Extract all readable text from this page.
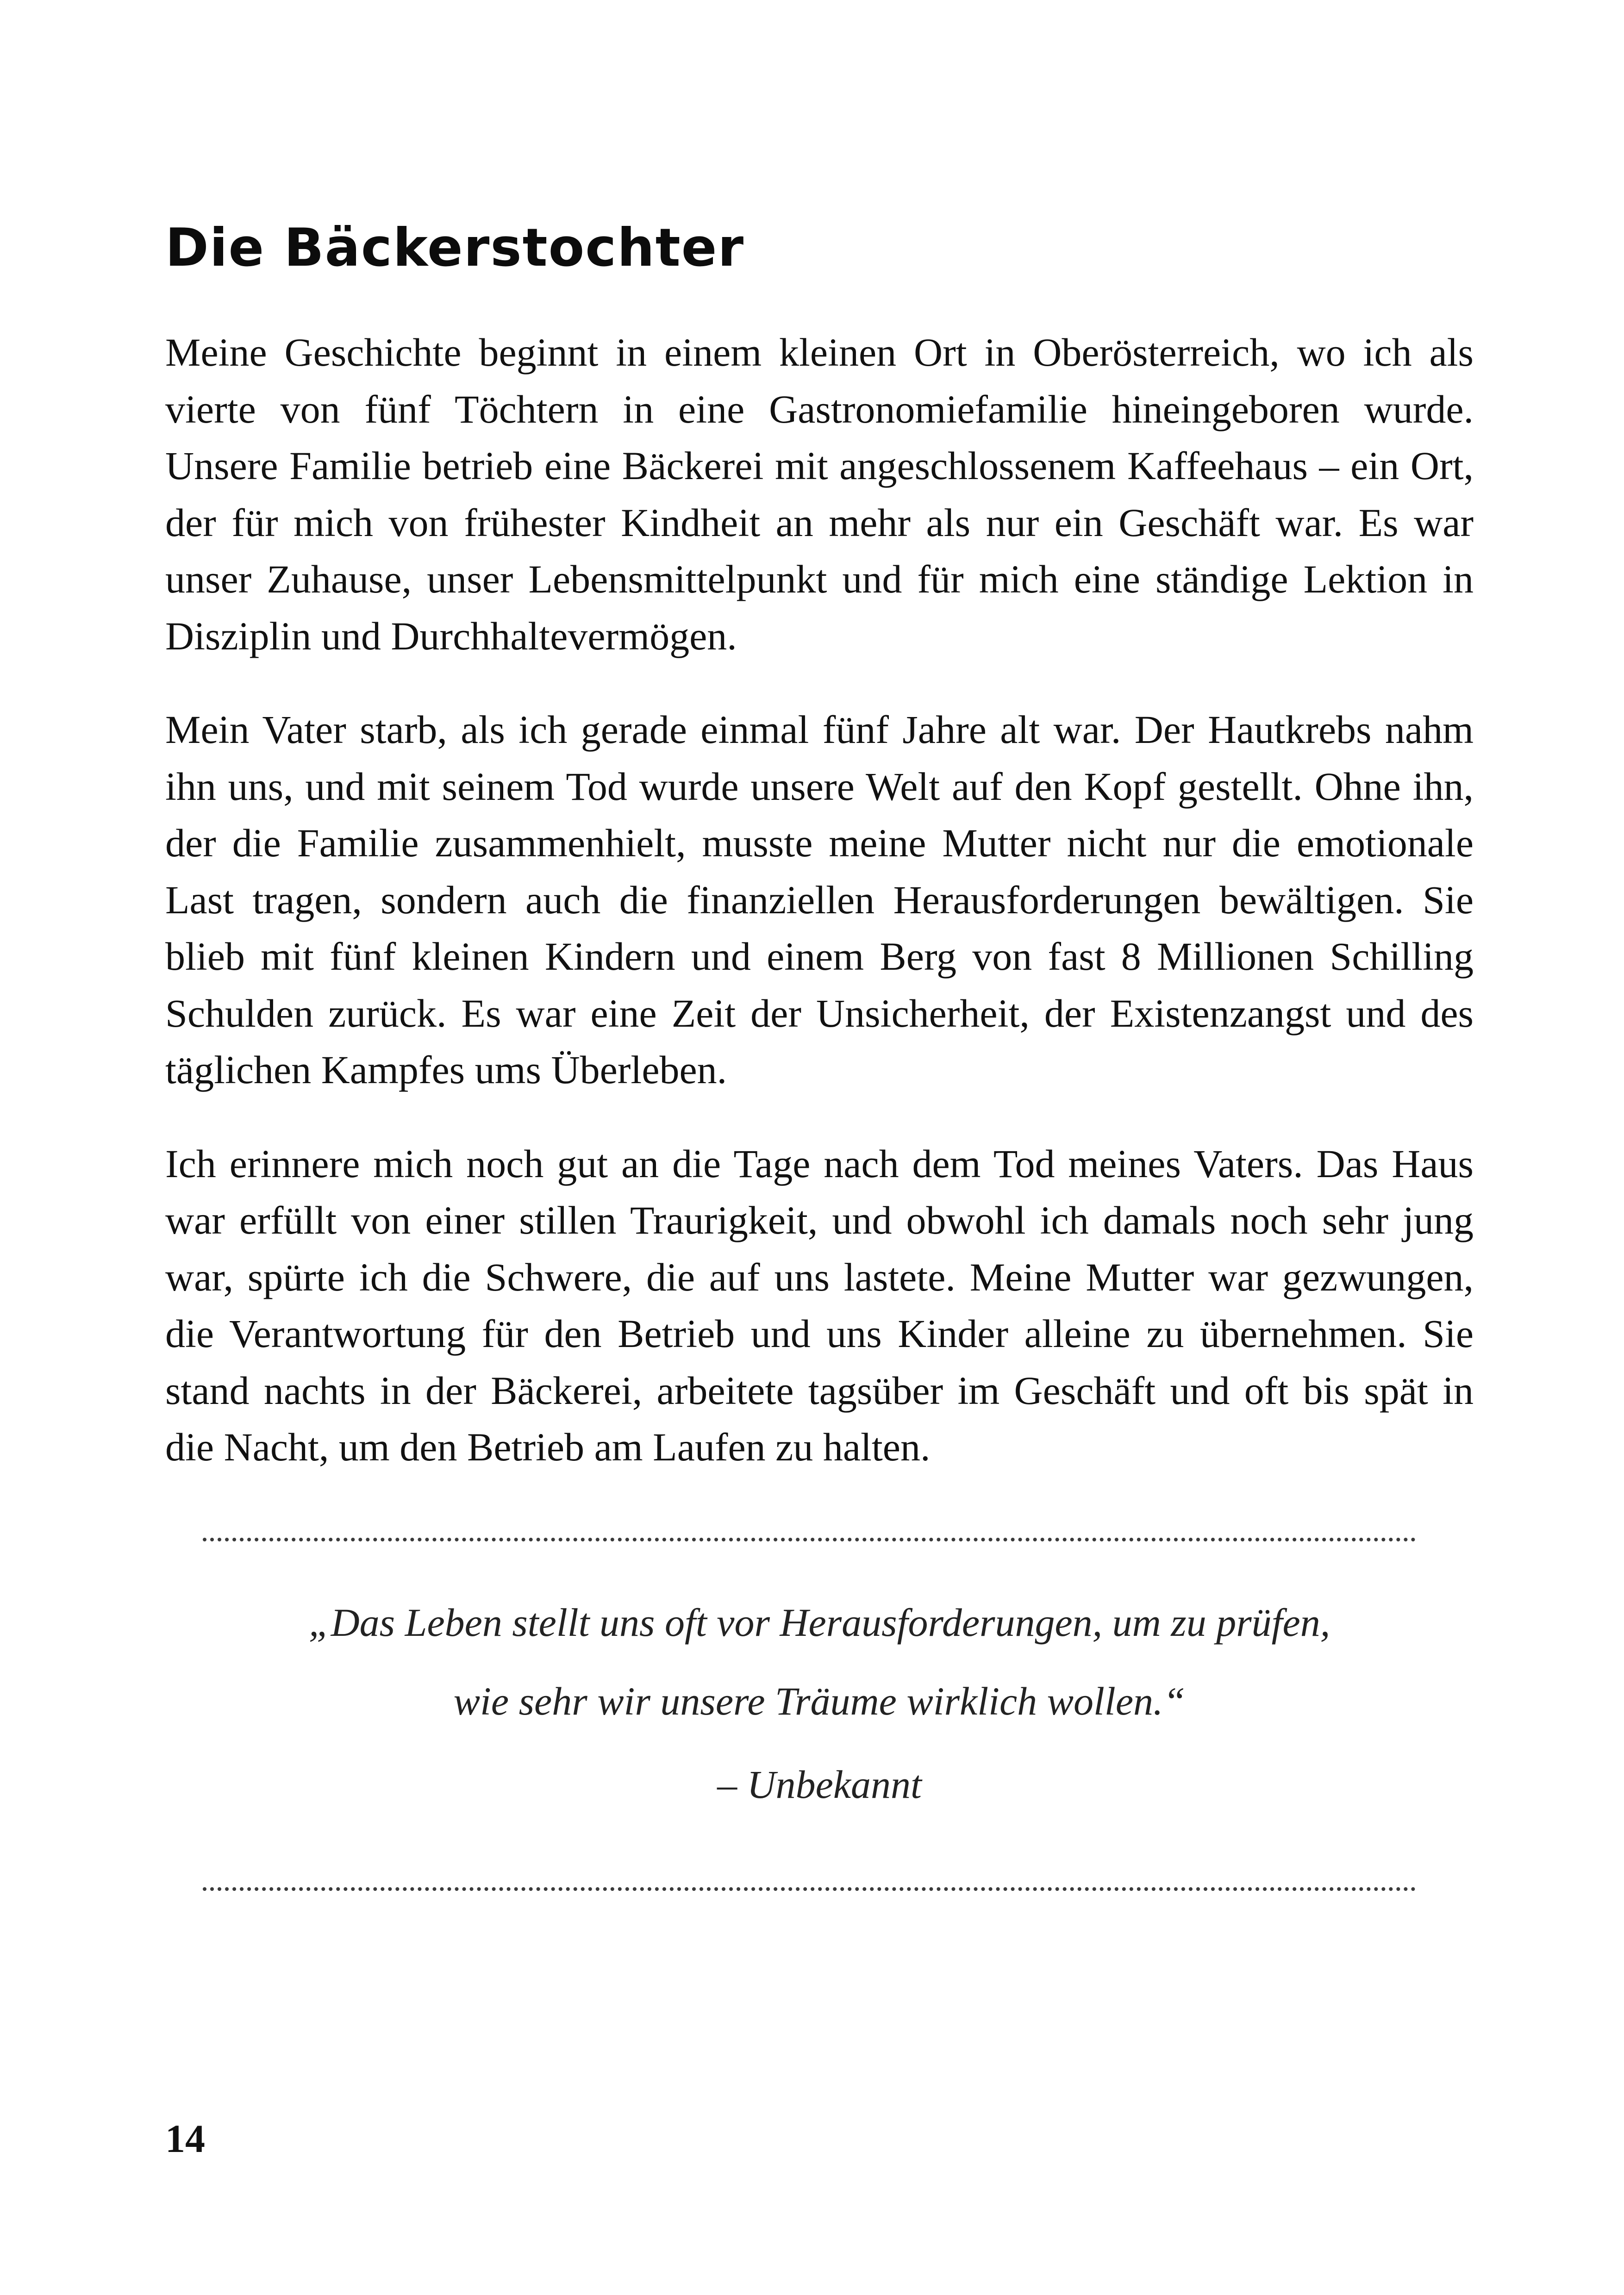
Die Bäckerstochter

Meine Geschichte beginnt in einem kleinen Ort in Oberösterreich, wo ich als
vierte von fünf Töchtern in eine Gastronomiefamilie hineingeboren wurde.
Unsere Familie betrieb eine Bäckerei mit angeschlossenem Kaffeehaus – ein Ort,
der für mich von frühester Kindheit an mehr als nur ein Geschäft war. Es war
unser Zuhause, unser Lebensmittelpunkt und für mich eine ständige Lektion in
Disziplin und Durchhaltevermögen.

Mein Vater starb, als ich gerade einmal fünf Jahre alt war. Der Hautkrebs nahm
ihn uns, und mit seinem Tod wurde unsere Welt auf den Kopf gestellt. Ohne ihn,
der die Familie zusammenhielt, musste meine Mutter nicht nur die emotionale
Last tragen, sondern auch die finanziellen Herausforderungen bewältigen. Sie
blieb mit fünf kleinen Kindern und einem Berg von fast 8 Millionen Schilling
Schulden zurück. Es war eine Zeit der Unsicherheit, der Existenzangst und des
täglichen Kampfes ums Überleben.

Ich erinnere mich noch gut an die Tage nach dem Tod meines Vaters. Das Haus
war erfüllt von einer stillen Traurigkeit, und obwohl ich damals noch sehr jung
war, spürte ich die Schwere, die auf uns lastete. Meine Mutter war gezwungen,
die Verantwortung für den Betrieb und uns Kinder alleine zu übernehmen. Sie
stand nachts in der Bäckerei, arbeitete tagsüber im Geschäft und oft bis spät in
die Nacht, um den Betrieb am Laufen zu halten.

„Das Leben stellt uns oft vor Herausforderungen, um zu prüfen,
wie sehr wir unsere Träume wirklich wollen.“
– Unbekannt
14
